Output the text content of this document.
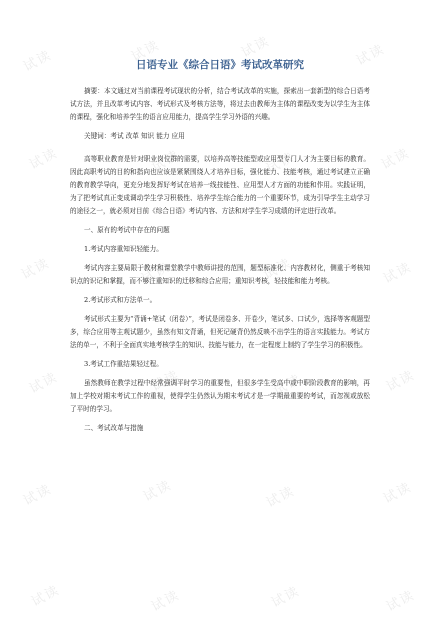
试读	试读	试读	试读
试读	试读	试读	试读
试读	试读	试读	试读
试读	试读	试读	试读
试读	试读	试读	试读
试读	试读	试读	试读
日语专业《综合日语》考试改革研究

摘要：本文通过对当前课程考试现状的分析，结合考试改革的实施，探索出一套新型的综合日语考试方法，并且改革考试内容、考试形式及考核方法等，将过去由教师为主体的课程改变为以学生为主体的课程，强化和培养学生的语言应用能力，提高学生学习外语的兴趣。

关键词：考试 改革 知识 能力 应用

高等职业教育是针对职业岗位群的需要，以培养高等技能型或应用型专门人才为主要目标的教育。因此高职考试的目的和指向也应该是紧紧围绕人才培养目标，强化能力、技能考核，通过考试建立正确的教育教学导向，更充分地发挥好考试在培养一线技能性、应用型人才方面的功能和作用。实践证明，为了把考试真正变成调动学生学习积极性、培养学生综合能力的一个重要环节，成为引导学生主动学习的途径之一，就必须对目前《综合日语》考试内容、方法和对学生学习成绩的评定进行改革。

一、原有的考试中存在的问题

1.考试内容重知识轻能力。

考试内容主要局限于教材和课堂教学中教师讲授的范围，题型标准化、内容教材化，侧重于考核知识点的识记和掌握，而不够注重知识的迁移和综合应用；重知识考核，轻技能和能力考核。

2.考试形式和方法单一。

考试形式主要为“背诵+笔试（闭卷）”，考试是闭卷多、开卷少，笔试多、口试少，选择等客观题型多，综合应用等主观试题少，虽然有知文背诵，但死记硬背仍然反映不出学生的语言实践能力。考试方法的单一，不利于全面真实地考核学生的知识、技能与能力，在一定程度上制约了学生学习的积极性。

3.考试工作重结果轻过程。

虽然教师在教学过程中经常强调平时学习的重要性，但很多学生受高中或中职阶段教育的影响，再加上学校对期末考试工作的重视，使得学生仍然认为期末考试才是一学期最重要的考试，而忽视或放松了平时的学习。

二、考试改革与措施
